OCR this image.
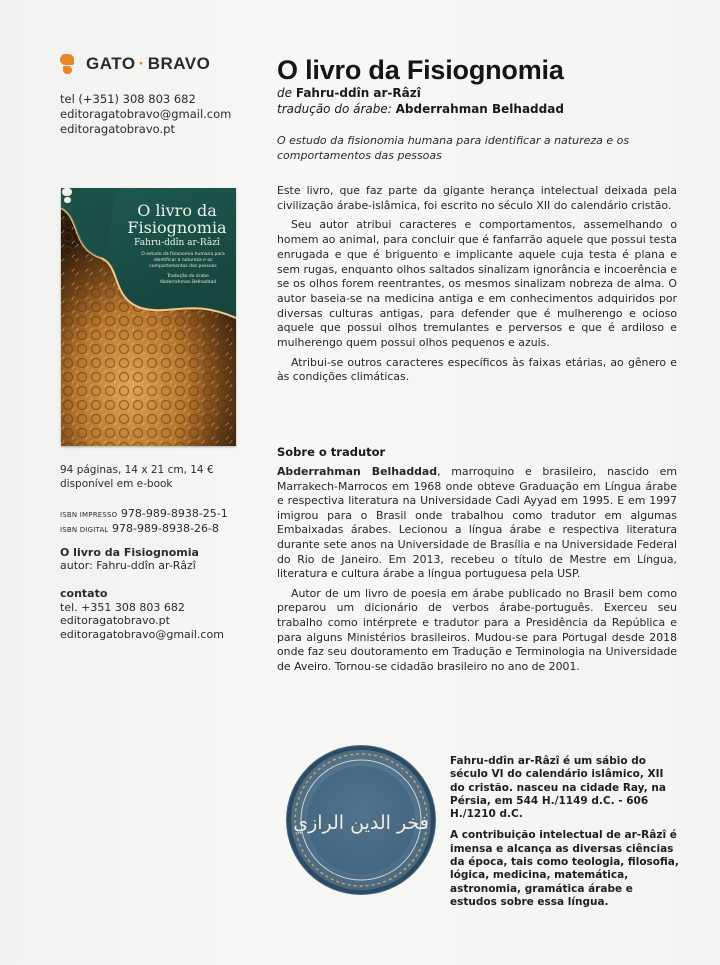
GATO · BRAVO
tel (+351) 308 803 682
editoragatobravo@gmail.com
editoragatobravo.pt
O livro da
Fisiognomia
Fahru-ddîn ar-Râzî
O estudo da fisionomia humana para identificar a natureza e os comportamentos das pessoas
Tradução do árabe Abderrahman Belhaddad
94 páginas, 14 x 21 cm, 14 €
disponível em e-book
ISBN IMPRESSO 978-989-8938-25-1
ISBN DIGITAL 978-989-8938-26-8
O livro da Fisiognomia
autor: Fahru-ddîn ar-Râzî
contato
tel. +351 308 803 682
editoragatobravo.pt
editoragatobravo@gmail.com
O livro da Fisiognomia
de Fahru-ddîn ar-Râzî
tradução do árabe: Abderrahman Belhaddad
O estudo da fisionomia humana para identificar a natureza e os comportamentos das pessoas

Este livro, que faz parte da gigante herança intelectual deixada pela civilização árabe-islâmica, foi escrito no século XII do calendário cristão.

Seu autor atribui caracteres e comportamentos, assemelhando o homem ao animal, para concluir que é fanfarrão aquele que possui testa enrugada e que é briguento e implicante aquele cuja testa é plana e sem rugas, enquanto olhos saltados sinalizam ignorância e incoerência e se os olhos forem reentrantes, os mesmos sinalizam nobreza de alma. O autor baseia-se na medicina antiga e em conhecimentos adquiridos por diversas culturas antigas, para defender que é mulherengo e ocioso aquele que possui olhos tremulantes e perversos e que é ardiloso e mulherengo quem possui olhos pequenos e azuis.

Atribui-se outros caracteres específicos às faixas etárias, ao gênero e às condições climáticas.

Sobre o tradutor

Abderrahman Belhaddad, marroquino e brasileiro, nascido em Marrakech-Marrocos em 1968 onde obteve Graduação em Língua árabe e respectiva literatura na Universidade Cadi Ayyad em 1995. E em 1997 imigrou para o Brasil onde trabalhou como tradutor em algumas Embaixadas árabes. Lecionou a língua árabe e respectiva literatura durante sete anos na Universidade de Brasília e na Universidade Federal do Rio de Janeiro. Em 2013, recebeu o título de Mestre em Língua, literatura e cultura árabe a língua portuguesa pela USP.

Autor de um livro de poesia em árabe publicado no Brasil bem como preparou um dicionário de verbos árabe-português. Exerceu seu trabalho como intérprete e tradutor para a Presidência da República e para alguns Ministérios brasileiros. Mudou-se para Portugal desde 2018 onde faz seu doutoramento em Tradução e Terminologia na Universidade de Aveiro. Tornou-se cidadão brasileiro no ano de 2001.

فخر الدين الرازي

Fahru-ddîn ar-Râzî é um sábio do século VI do calendário islâmico, XII do cristão. nasceu na cidade Ray, na Pérsia, em 544 H./1149 d.C. - 606 H./1210 d.C.

A contribuição intelectual de ar-Râzî é imensa e alcança as diversas ciências da época, tais como teologia, filosofia, lógica, medicina, matemática, astronomia, gramática árabe e estudos sobre essa língua.
